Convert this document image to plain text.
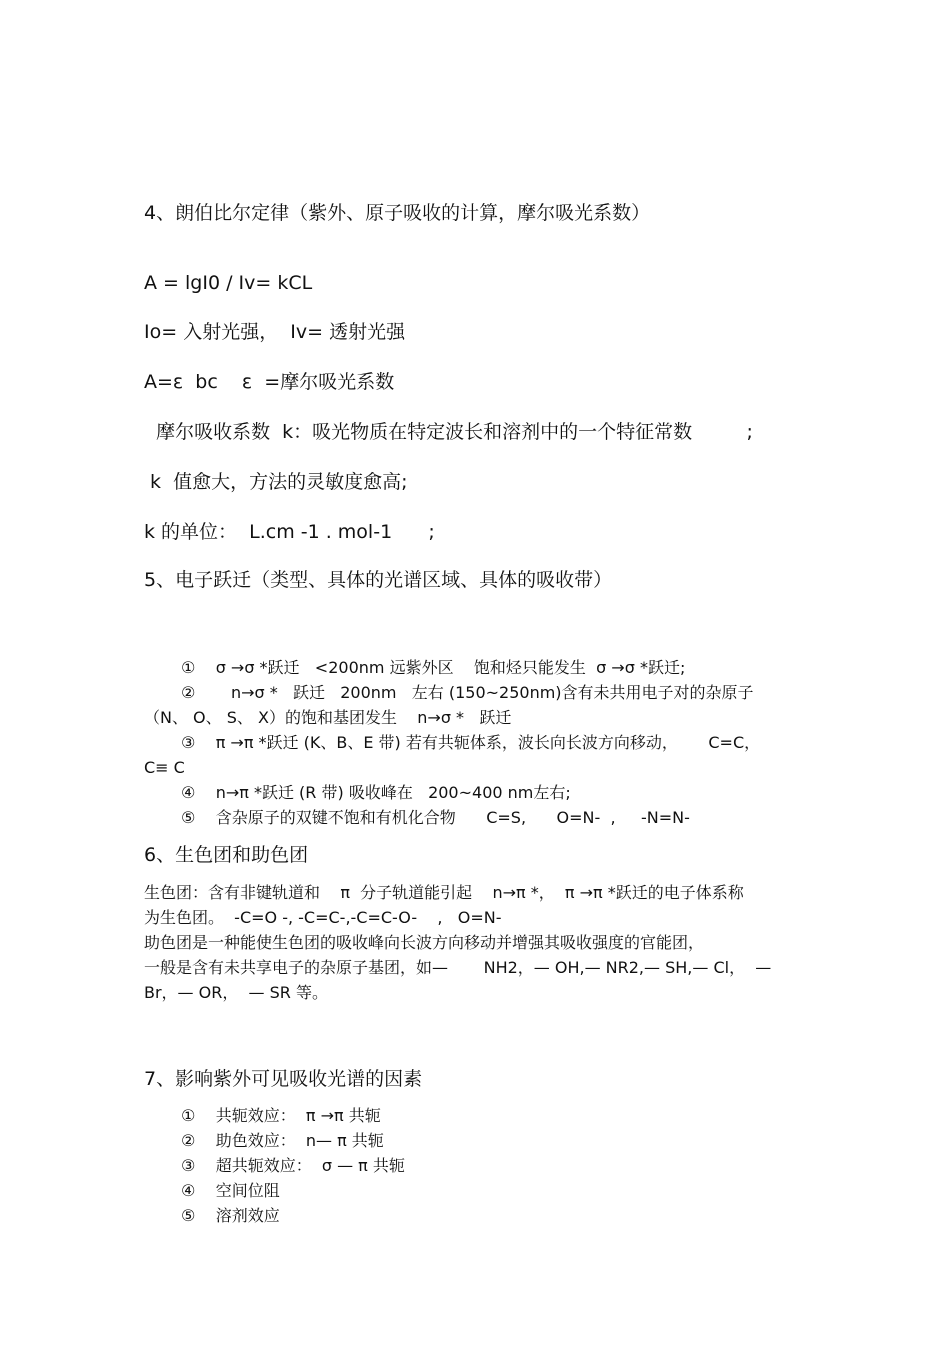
4、朗伯比尔定律（紫外、原子吸收的计算，摩尔吸光系数）
A = lgI0 / Iv= kCL
Io= 入射光强，  Iv= 透射光强
A=ε  bc    ε  =摩尔吸光系数
摩尔吸收系数  k：吸光物质在特定波长和溶剂中的一个特征常数         ;
k  值愈大，方法的灵敏度愈高;
k 的单位：  L.cm -1 . mol-1      ;
5、电子跃迁（类型、具体的光谱区域、具体的吸收带）
①    σ →σ *跃迁   <200nm 远紫外区    饱和烃只能发生  σ →σ *跃迁;
②       n→σ *   跃迁   200nm   左右 (150~250nm)含有未共用电子对的杂原子
（N、 O、 S、 X）的饱和基团发生    n→σ *   跃迁
③    π →π *跃迁 (K、B、E 带) 若有共轭体系，波长向长波方向移动，      C=C，
C≡ C
④    n→π *跃迁 (R 带) 吸收峰在   200~400 nm左右;
⑤    含杂原子的双键不饱和有机化合物      C=S,      O=N-  ,     -N=N-
6、生色团和助色团
生色团：含有非键轨道和    π  分子轨道能引起    n→π *，  π →π *跃迁的电子体系称
为生色团。  -C=O -, -C=C-,-C=C-O-    ,   O=N-
助色团是一种能使生色团的吸收峰向长波方向移动并增强其吸收强度的官能团，
一般是含有未共享电子的杂原子基团，如—       NH2，— OH,— NR2,— SH,— Cl，  —
Br，— OR，  — SR 等。
7、影响紫外可见吸收光谱的因素
①    共轭效应：  π →π 共轭
②    助色效应：  n— π 共轭
③    超共轭效应：  σ — π 共轭
④    空间位阻
⑤    溶剂效应
